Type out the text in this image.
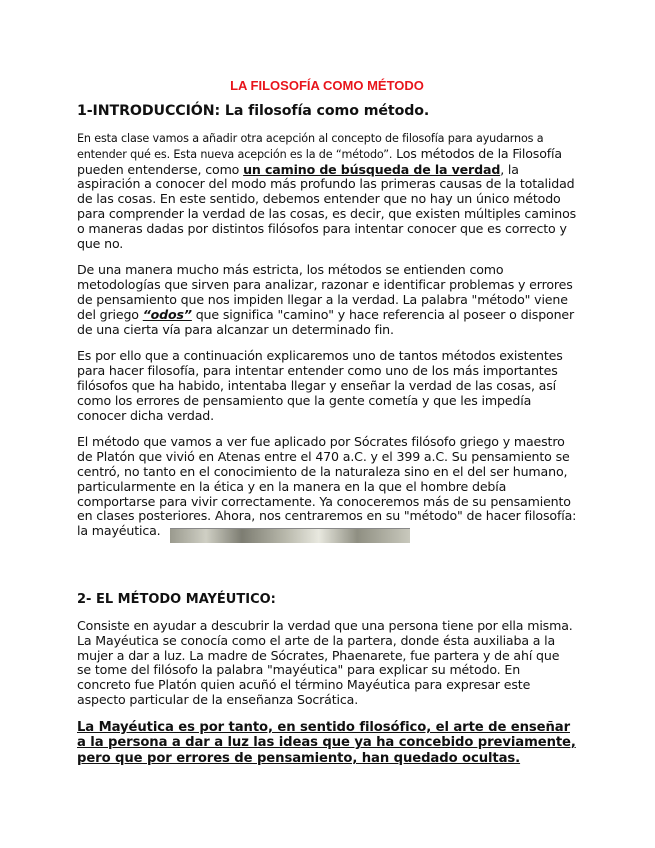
LA FILOSOFÍA COMO MÉTODO
1-INTRODUCCIÓN: La filosofía como método.

En esta clase vamos a añadir otra acepción al concepto de filosofía para ayudarnos a entender qué es. Esta nueva acepción es la de “método”. Los métodos de la Filosofía pueden entenderse, como un camino de búsqueda de la verdad, la aspiración a conocer del modo más profundo las primeras causas de la totalidad de las cosas. En este sentido, debemos entender que no hay un único método para comprender la verdad de las cosas, es decir, que existen múltiples caminos o maneras dadas por distintos filósofos para intentar conocer que es correcto y que no.

De una manera mucho más estricta, los métodos se entienden como metodologías que sirven para analizar, razonar e identificar problemas y errores de pensamiento que nos impiden llegar a la verdad. La palabra "método" viene del griego “odos” que significa "camino" y hace referencia al poseer o disponer de una cierta vía para alcanzar un determinado fin.

Es por ello que a continuación explicaremos uno de tantos métodos existentes para hacer filosofía, para intentar entender como uno de los más importantes filósofos que ha habido, intentaba llegar y enseñar la verdad de las cosas, así como los errores de pensamiento que la gente cometía y que les impedía conocer dicha verdad.

El método que vamos a ver fue aplicado por Sócrates filósofo griego y maestro de Platón que vivió en Atenas entre el 470 a.C. y el 399 a.C. Su pensamiento se centró, no tanto en el conocimiento de la naturaleza sino en el del ser humano, particularmente en la ética y en la manera en la que el hombre debía comportarse para vivir correctamente. Ya conoceremos más de su pensamiento en clases posteriores. Ahora, nos centraremos en su "método" de hacer filosofía: la mayéutica.

2- EL MÉTODO MAYÉUTICO:

Consiste en ayudar a descubrir la verdad que una persona tiene por ella misma. La Mayéutica se conocía como el arte de la partera, donde ésta auxiliaba a la mujer a dar a luz. La madre de Sócrates, Phaenarete, fue partera y de ahí que se tome del filósofo la palabra "mayéutica" para explicar su método. En concreto fue Platón quien acuñó el término Mayéutica para expresar este aspecto particular de la enseñanza Socrática.

La Mayéutica es por tanto, en sentido filosófico, el arte de enseñar a la persona a dar a luz las ideas que ya ha concebido previamente, pero que por errores de pensamiento, han quedado ocultas.
